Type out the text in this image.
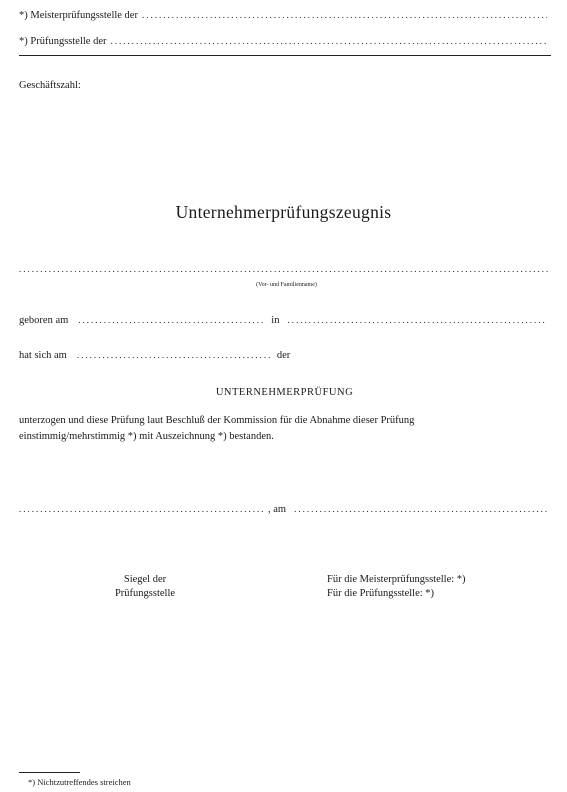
*) Meisterprüfungsstelle der
.....
*) Prüfungsstelle der
.....
Geschäftszahl:
Unternehmerprüfungszeugnis
.....
(Vor- und Familienname)
geboren am .....	in
.....
hat sich am .....	der
UNTERNEHMERPRÜFUNG
unterzogen und diese Prüfung laut Beschluß der Kommission für die Abnahme dieser Prüfung
einstimmig/mehrstimmig *) mit Auszeichnung *) bestanden.
.....
, am
.....
Siegel der
Prüfungsstelle
Für die Meisterprüfungsstelle: *)
Für die Prüfungsstelle: *)
*) Nichtzutreffendes streichen
